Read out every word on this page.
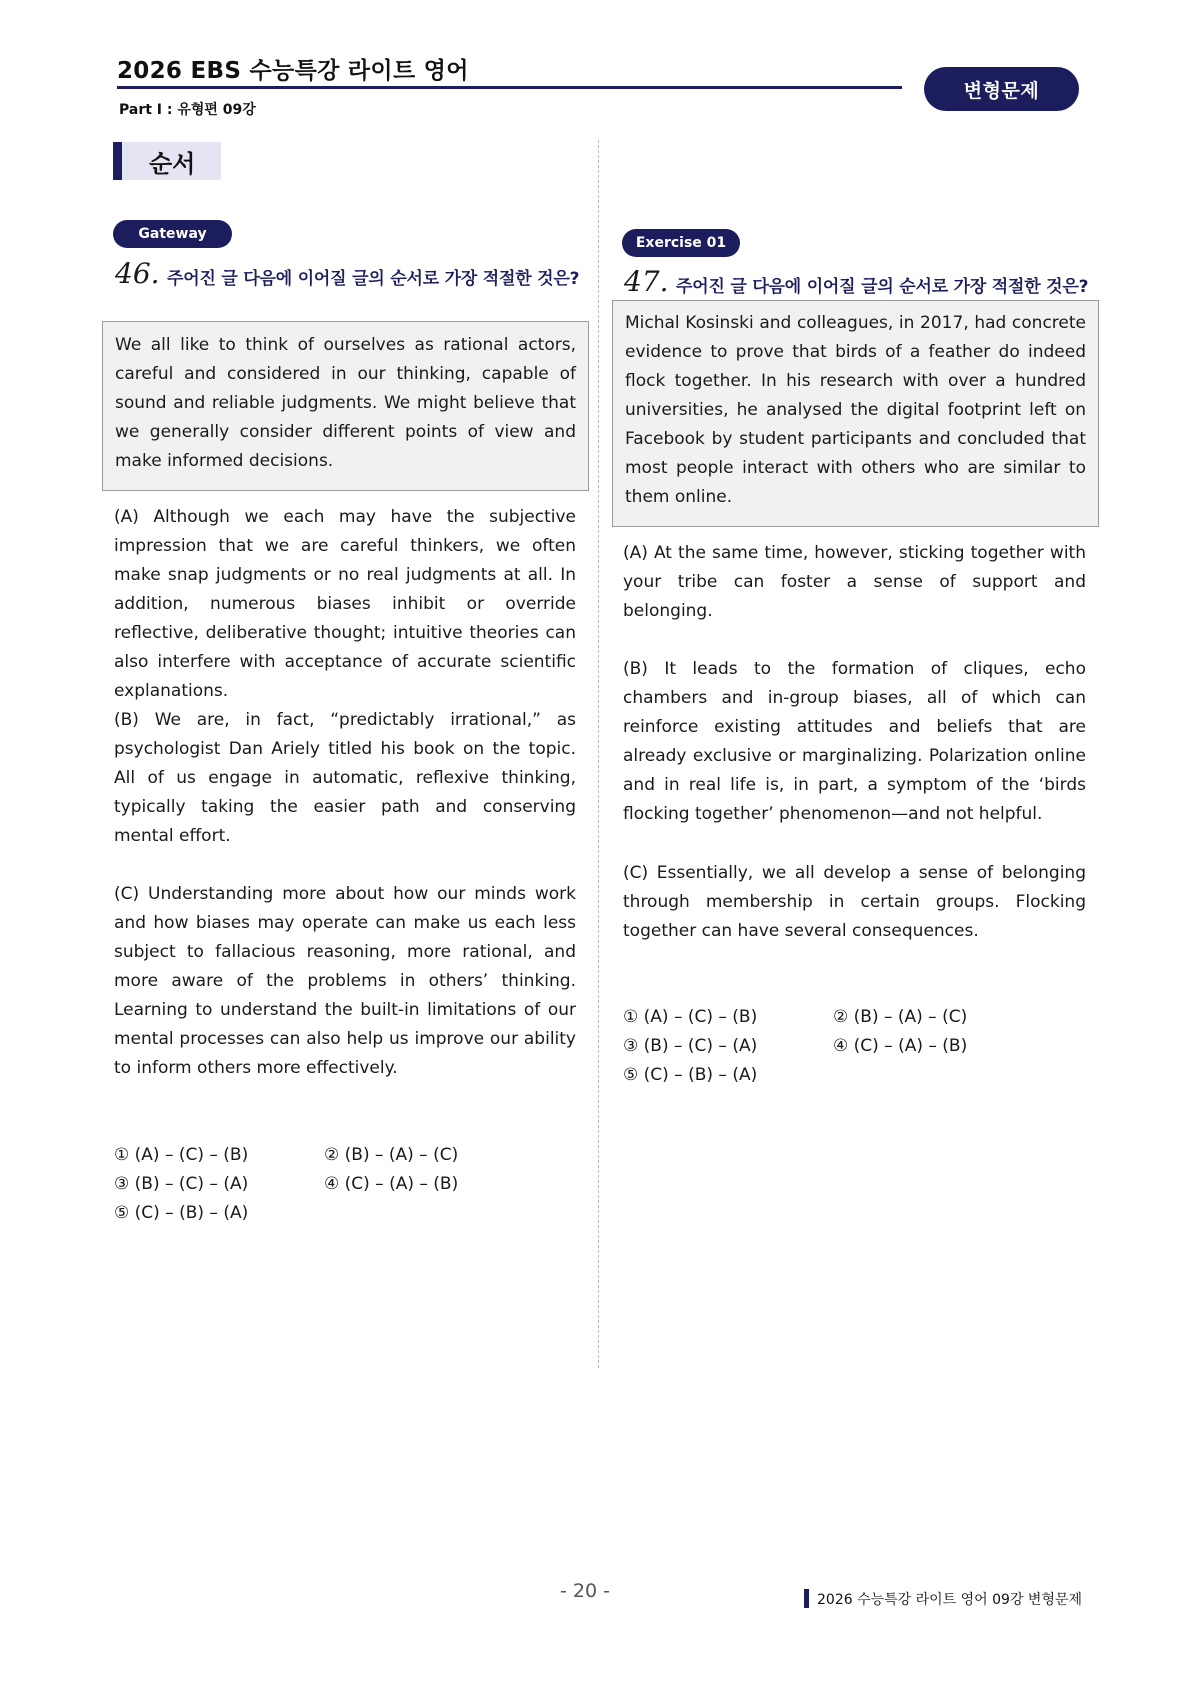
2026 EBS 수능특강 라이트 영어
Part Ⅰ : 유형편 09강
변형문제
순서
Gateway
46. 주어진 글 다음에 이어질 글의 순서로 가장 적절한 것은?
We all like to think of ourselves as rational actors, careful and considered in our thinking, capable of sound and reliable judgments. We might believe that we generally consider different points of view and make informed decisions.
(A) Although we each may have the subjective impression that we are careful thinkers, we often make snap judgments or no real judgments at all. In addition, numerous biases inhibit or override reflective, deliberative thought; intuitive theories can also interfere with acceptance of accurate scientific explanations.
(B) We are, in fact, “predictably irrational,” as psychologist Dan Ariely titled his book on the topic. All of us engage in automatic, reflexive thinking, typically taking the easier path and conserving mental effort.
(C) Understanding more about how our minds work and how biases may operate can make us each less subject to fallacious reasoning, more rational, and more aware of the problems in others’ thinking. Learning to understand the built-in limitations of our mental processes can also help us improve our ability to inform others more effectively.
① (A) – (C) – (B)	② (B) – (A) – (C)
③ (B) – (C) – (A)	④ (C) – (A) – (B)
⑤ (C) – (B) – (A)
Exercise 01
47. 주어진 글 다음에 이어질 글의 순서로 가장 적절한 것은?
Michal Kosinski and colleagues, in 2017, had concrete evidence to prove that birds of a feather do indeed flock together. In his research with over a hundred universities, he analysed the digital footprint left on Facebook by student participants and concluded that most people interact with others who are similar to them online.
(A) At the same time, however, sticking together with your tribe can foster a sense of support and belonging.
(B) It leads to the formation of cliques, echo chambers and in-group biases, all of which can reinforce existing attitudes and beliefs that are already exclusive or marginalizing. Polarization online and in real life is, in part, a symptom of the ‘birds flocking together’ phenomenon—and not helpful.
(C) Essentially, we all develop a sense of belonging through membership in certain groups. Flocking together can have several consequences.
① (A) – (C) – (B)	② (B) – (A) – (C)
③ (B) – (C) – (A)	④ (C) – (A) – (B)
⑤ (C) – (B) – (A)
- 20 -	2026 수능특강 라이트 영어 09강 변형문제
